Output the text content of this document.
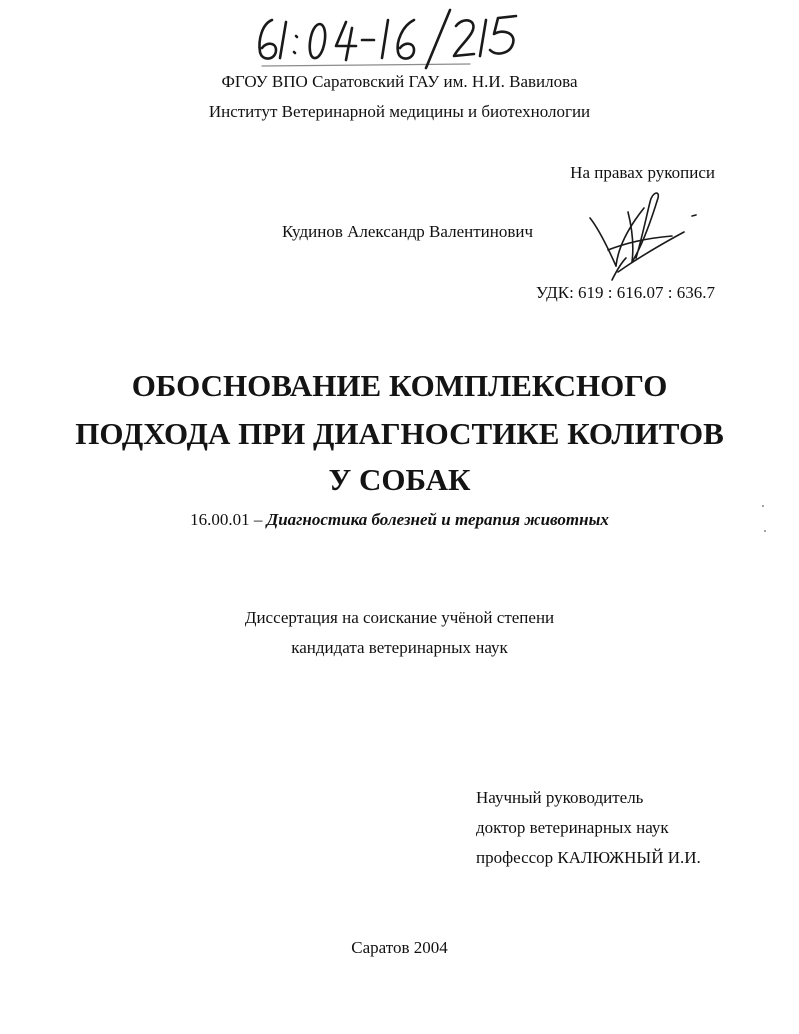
ФГОУ ВПО Саратовский ГАУ им. Н.И. Вавилова
Институт Ветеринарной медицины и биотехнологии
На правах рукописи
Кудинов Александр Валентинович
УДК: 619 : 616.07 : 636.7
ОБОСНОВАНИЕ КОМПЛЕКСНОГО
ПОДХОДА ПРИ ДИАГНОСТИКЕ КОЛИТОВ
У СОБАК
16.00.01 – Диагностика болезней и терапия животных
Диссертация на соискание учёной степени
кандидата ветеринарных наук
Научный руководитель
доктор ветеринарных наук
профессор КАЛЮЖНЫЙ И.И.
Саратов 2004
